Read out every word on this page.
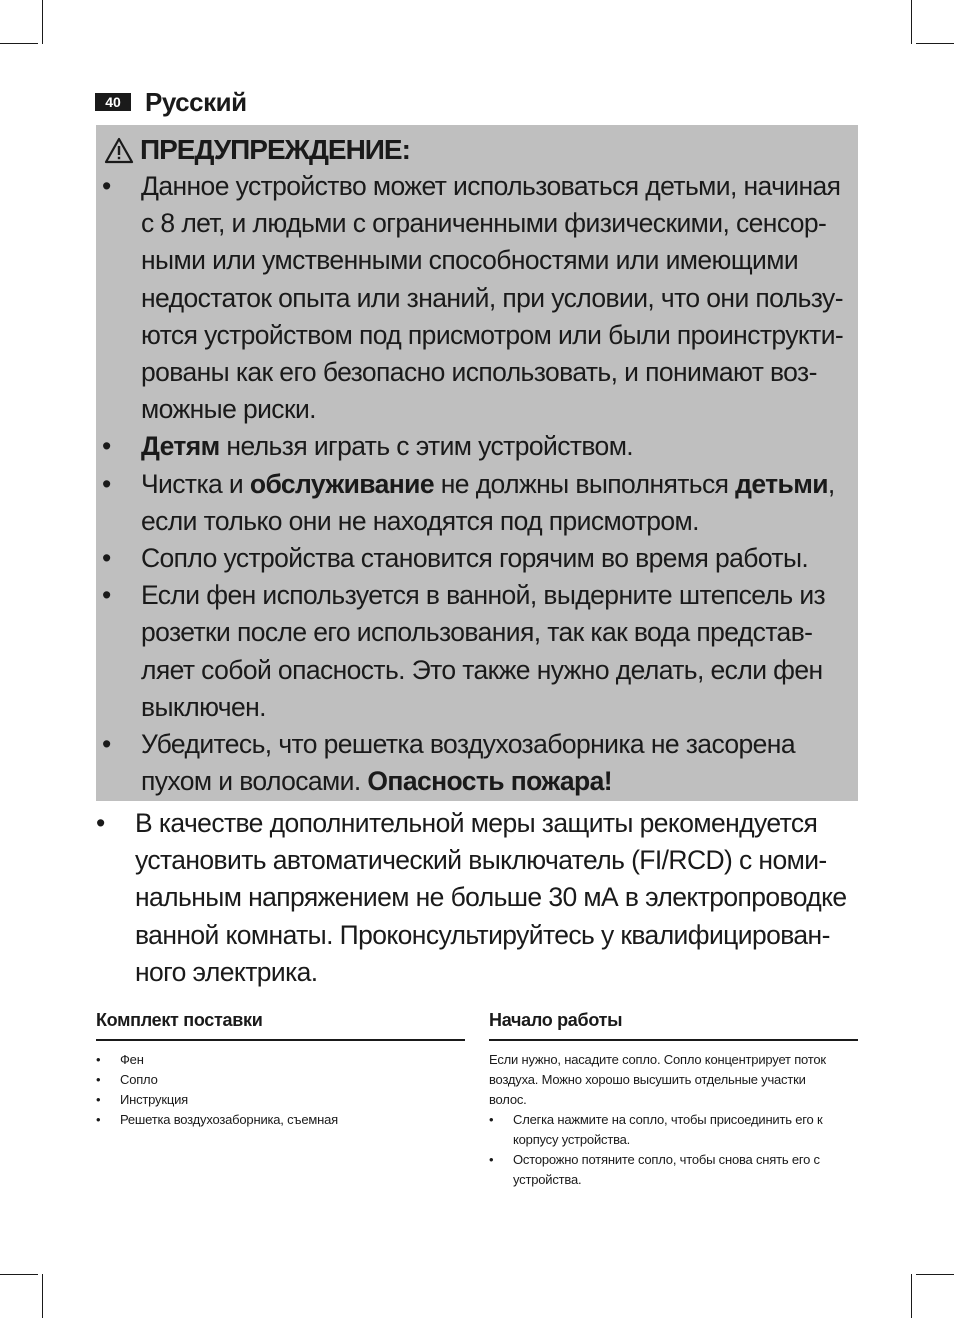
40 Русский
ПРЕДУПРЕЖДЕНИЕ:
• Данное устройство может использоваться детьми, начиная
с 8 лет, и людьми с ограниченными физическими, сенсор-
ными или умственными способностями или имеющими
недостаток опыта или знаний, при условии, что они пользу-
ются устройством под присмотром или были проинструкти-
рованы как его безопасно использовать, и понимают воз-
можные риски.
• Детям нельзя играть с этим устройством.
• Чистка и обслуживание не должны выполняться детьми,
если только они не находятся под присмотром.
• Сопло устройства становится горячим во время работы.
• Если фен используется в ванной, выдерните штепсель из
розетки после его использования, так как вода представ-
ляет собой опасность. Это также нужно делать, если фен
выключен.
• Убедитесь, что решетка воздухозаборника не засорена
пухом и волосами. Опасность пожара!
• В качестве дополнительной меры защиты рекомендуется
установить автоматический выключатель (FI/RCD) с номи-
нальным напряжением не больше 30 мА в электропроводке
ванной комнаты. Проконсультируйтесь у квалифицирован-
ного электрика.
Комплект поставки
• Фен
• Сопло
• Инструкция
• Решетка воздухозаборника, съемная
Начало работы
Если нужно, насадите сопло. Сопло концентрирует поток
воздуха. Можно хорошо высушить отдельные участки
волос.
• Слегка нажмите на сопло, чтобы присоединить его к
корпусу устройства.
• Осторожно потяните сопло, чтобы снова снять его с
устройства.
